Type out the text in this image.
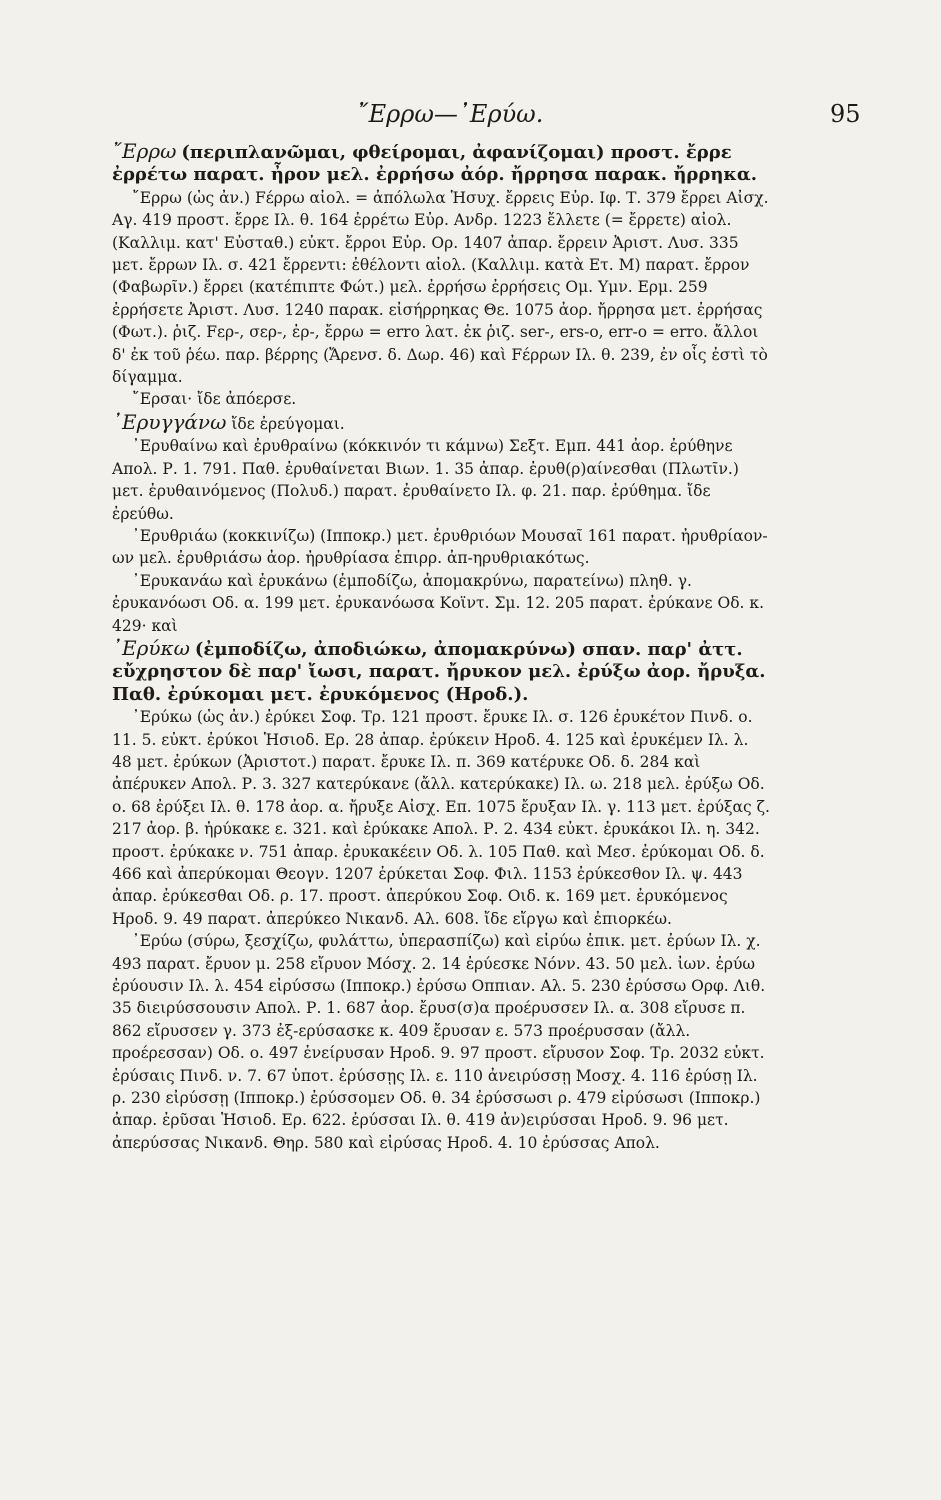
῎Ερρω—᾿Ερύω.	95

῎Ερρω (περιπλανῶμαι, φθείρομαι, ἀφανίζομαι) προστ. ἔρρε ἐρρέτω παρατ. ἦρον μελ. ἐρρήσω ἀόρ. ἤρρησα παρακ. ἤρρηκα.

῎Ερρω (ὡς ἀν.) Fέρρω αἰολ. = ἀπόλωλα Ἡσυχ. ἔρρεις Εὐρ. Ιφ. Τ. 379 ἔρρει Αἰσχ. Αγ. 419 προστ. ἔρρε Ιλ. θ. 164 ἐρρέτω Εὐρ. Ανδρ. 1223 ἔλλετε (= ἔρρετε) αἰολ. (Καλλιμ. κατ' Εὐσταθ.) εὐκτ. ἔρροι Εὐρ. Ορ. 1407 ἀπαρ. ἔρρειν Ἀριστ. Λυσ. 335 μετ. ἔρρων Ιλ. σ. 421 ἔρρεντι: ἐθέλοντι αἰολ. (Καλλιμ. κατὰ Ετ. Μ) παρατ. ἔρρον (Φαβωρῖν.) ἔρρει (κατέπιπτε Φώτ.) μελ. ἐρρήσω ἐρρήσεις Ομ. Υμν. Ερμ. 259 ἐρρήσετε Ἀριστ. Λυσ. 1240 παρακ. εἰσήρρηκας Θε. 1075 ἀορ. ἤρρησα μετ. ἐρρήσας (Φωτ.). ῥιζ. Fερ-, σερ-, ἐρ-, ἔρρω = erro λατ. ἐκ ῥιζ. ser-, ers-o, err-o = erro. ἄλλοι δ' ἐκ τοῦ ῥέω. παρ. βέρρης (Ἄρενσ. δ. Δωρ. 46) καὶ Fέρρων Ιλ. θ. 239, ἐν οἷς ἐστὶ τὸ δίγαμμα.

῎Ερσαι· ἴδε ἀπόερσε.

᾿Ερυγγάνω ἴδε ἐρεύγομαι.

᾿Ερυθαίνω καὶ ἐρυθραίνω (κόκκινόν τι κάμνω) Σεξτ. Εμπ. 441 ἀορ. ἐρύθηνε Απολ. Ρ. 1. 791. Παθ. ἐρυθαίνεται Βιων. 1. 35 ἀπαρ. ἐρυθ(ρ)αίνεσθαι (Πλωτῖν.) μετ. ἐρυθαινόμενος (Πολυδ.) παρατ. ἐρυθαίνετο Ιλ. φ. 21. παρ. ἐρύθημα. ἴδε ἐρεύθω.

᾿Ερυθριάω (κοκκινίζω) (Ιπποκρ.) μετ. ἐρυθριόων Μουσαῖ 161 παρατ. ἠρυθρίαον-ων μελ. ἐρυθριάσω ἀορ. ἠρυθρίασα ἐπιρρ. ἀπ-ηρυθριακότως.

᾿Ερυκανάω καὶ ἐρυκάνω (ἐμποδίζω, ἀπομακρύνω, παρατείνω) πληθ. γ. ἐρυκανόωσι Οδ. α. 199 μετ. ἐρυκανόωσα Κοϊντ. Σμ. 12. 205 παρατ. ἐρύκανε Οδ. κ. 429· καὶ

᾿Ερύκω (ἐμποδίζω, ἀποδιώκω, ἀπομακρύνω) σπαν. παρ' ἀττ. εὔχρηστον δὲ παρ' ἴωσι, παρατ. ἤρυκον μελ. ἐρύξω ἀορ. ἤρυξα. Παθ. ἐρύκομαι μετ. ἐρυκόμενος (Ηροδ.).

᾿Ερύκω (ὡς ἀν.) ἐρύκει Σοφ. Τρ. 121 προστ. ἔρυκε Ιλ. σ. 126 ἐρυκέτον Πινδ. ο. 11. 5. εὐκτ. ἐρύκοι Ἡσιοδ. Ερ. 28 ἀπαρ. ἐρύκειν Ηροδ. 4. 125 καὶ ἐρυκέμεν Ιλ. λ. 48 μετ. ἐρύκων (Ἀριστοτ.) παρατ. ἔρυκε Ιλ. π. 369 κατέρυκε Οδ. δ. 284 καὶ ἀπέρυκεν Απολ. Ρ. 3. 327 κατερύκανε (ἄλλ. κατερύκακε) Ιλ. ω. 218 μελ. ἐρύξω Οδ. ο. 68 ἐρύξει Ιλ. θ. 178 ἀορ. α. ἤρυξε Αἰσχ. Επ. 1075 ἔρυξαν Ιλ. γ. 113 μετ. ἐρύξας ζ. 217 ἀορ. β. ἠρύκακε ε. 321. καὶ ἐρύκακε Απολ. Ρ. 2. 434 εὐκτ. ἐρυκάκοι Ιλ. η. 342. προστ. ἐρύκακε ν. 751 ἀπαρ. ἐρυκακέειν Οδ. λ. 105 Παθ. καὶ Μεσ. ἐρύκομαι Οδ. δ. 466 καὶ ἀπερύκομαι Θεογν. 1207 ἐρύκεται Σοφ. Φιλ. 1153 ἐρύκεσθον Ιλ. ψ. 443 ἀπαρ. ἐρύκεσθαι Οδ. ρ. 17. προστ. ἀπερύκου Σοφ. Οιδ. κ. 169 μετ. ἐρυκόμενος Ηροδ. 9. 49 παρατ. ἀπερύκεο Νικανδ. Αλ. 608. ἴδε εἴργω καὶ ἐπιορκέω.

᾿Ερύω (σύρω, ξεσχίζω, φυλάττω, ὑπερασπίζω) καὶ εἰρύω ἐπικ. μετ. ἐρύων Ιλ. χ. 493 παρατ. ἔρυον μ. 258 εἴρυον Μόσχ. 2. 14 ἐρύεσκε Νόνν. 43. 50 μελ. ἰων. ἐρύω ἐρύουσιν Ιλ. λ. 454 εἰρύσσω (Ιπποκρ.) ἐρύσω Οππιαν. Αλ. 5. 230 ἐρύσσω Ορφ. Λιθ. 35 διειρύσσουσιν Απολ. Ρ. 1. 687 ἀορ. ἔρυσ(σ)α προέρυσσεν Ιλ. α. 308 εἴρυσε π. 862 εἴρυσσεν γ. 373 ἐξ-ερύσασκε κ. 409 ἔρυσαν ε. 573 προέρυσσαν (ἄλλ. προέρεσσαν) Οδ. ο. 497 ἐνείρυσαν Ηροδ. 9. 97 προστ. εἴρυσον Σοφ. Τρ. 2032 εὐκτ. ἐρύσαις Πινδ. ν. 7. 67 ὑποτ. ἐρύσσῃς Ιλ. ε. 110 ἀνειρύσσῃ Μοσχ. 4. 116 ἐρύσῃ Ιλ. ρ. 230 εἰρύσσῃ (Ιπποκρ.) ἐρύσσομεν Οδ. θ. 34 ἐρύσσωσι ρ. 479 εἰρύσωσι (Ιπποκρ.) ἀπαρ. ἐρῦσαι Ἡσιοδ. Ερ. 622. ἐρύσσαι Ιλ. θ. 419 ἀν)ειρύσσαι Ηροδ. 9. 96 μετ. ἀπερύσσας Νικανδ. Θηρ. 580 καὶ εἰρύσας Ηροδ. 4. 10 ἐρύσσας Απολ.
